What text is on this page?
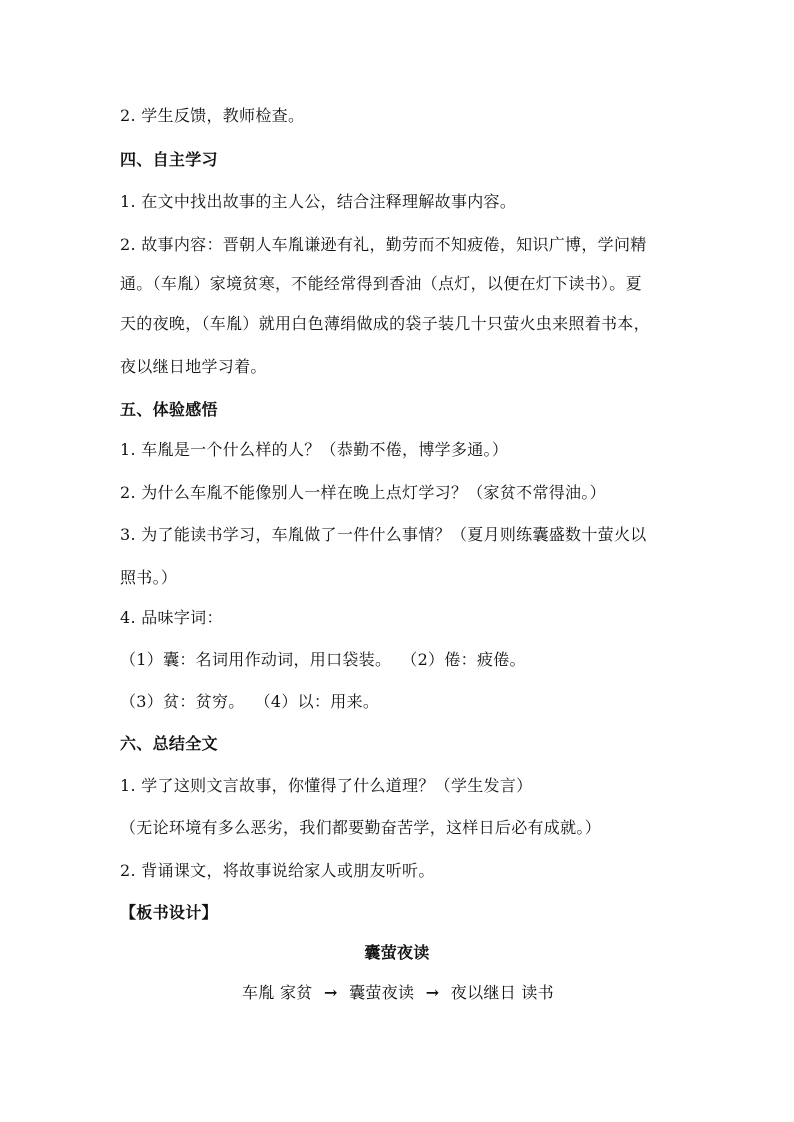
2. 学生反馈，教师检查。
四、自主学习
1. 在文中找出故事的主人公，结合注释理解故事内容。
2. 故事内容：晋朝人车胤谦逊有礼，勤劳而不知疲倦，知识广博，学问精
通。（车胤）家境贫寒，不能经常得到香油（点灯，以便在灯下读书）。夏
天的夜晚，（车胤）就用白色薄绢做成的袋子装几十只萤火虫来照着书本，
夜以继日地学习着。
五、体验感悟
1. 车胤是一个什么样的人？（恭勤不倦，博学多通。）
2. 为什么车胤不能像别人一样在晚上点灯学习？（家贫不常得油。）
3. 为了能读书学习，车胤做了一件什么事情？（夏月则练囊盛数十萤火以
照书。）
4. 品味字词：
（1）囊：名词用作动词，用口袋装。 （2）倦：疲倦。
（3）贫：贫穷。 （4）以：用来。
六、总结全文
1. 学了这则文言故事，你懂得了什么道理？（学生发言）
（无论环境有多么恶劣，我们都要勤奋苦学，这样日后必有成就。）
2. 背诵课文，将故事说给家人或朋友听听。
【板书设计】
囊萤夜读
车胤 家贫 → 囊萤夜读 → 夜以继日 读书
